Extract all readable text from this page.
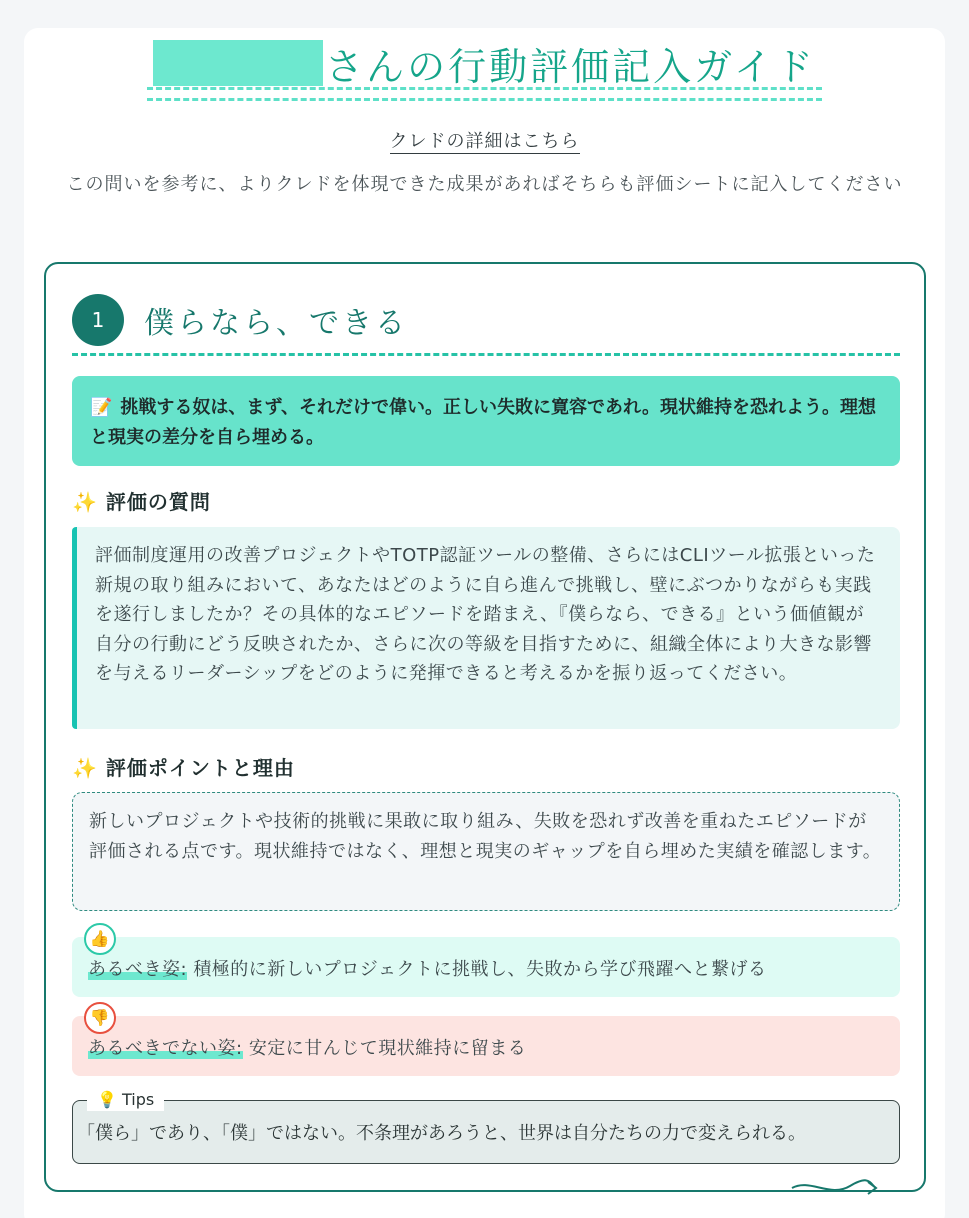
さんの行動評価記入ガイド
クレドの詳細はこちら
この問いを参考に、よりクレドを体現できた成果があればそちらも評価シートに記入してください
1	僕らなら、できる
📝 挑戦する奴は、まず、それだけで偉い。正しい失敗に寛容であれ。現状維持を恐れよう。理想と現実の差分を自ら埋める。
✨ 評価の質問
評価制度運用の改善プロジェクトやTOTP認証ツールの整備、さらにはCLIツール拡張といった新規の取り組みにおいて、あなたはどのように自ら進んで挑戦し、壁にぶつかりながらも実践を遂行しましたか？その具体的なエピソードを踏まえ、『僕らなら、できる』という価値観が自分の行動にどう反映されたか、さらに次の等級を目指すために、組織全体により大きな影響を与えるリーダーシップをどのように発揮できると考えるかを振り返ってください。
✨ 評価ポイントと理由
新しいプロジェクトや技術的挑戦に果敢に取り組み、失敗を恐れず改善を重ねたエピソードが評価される点です。現状維持ではなく、理想と現実のギャップを自ら埋めた実績を確認します。
👍
あるべき姿: 積極的に新しいプロジェクトに挑戦し、失敗から学び飛躍へと繋げる
👎
あるべきでない姿: 安定に甘んじて現状維持に留まる
💡 Tips
「僕ら」であり、「僕」ではない。不条理があろうと、世界は自分たちの力で変えられる。
